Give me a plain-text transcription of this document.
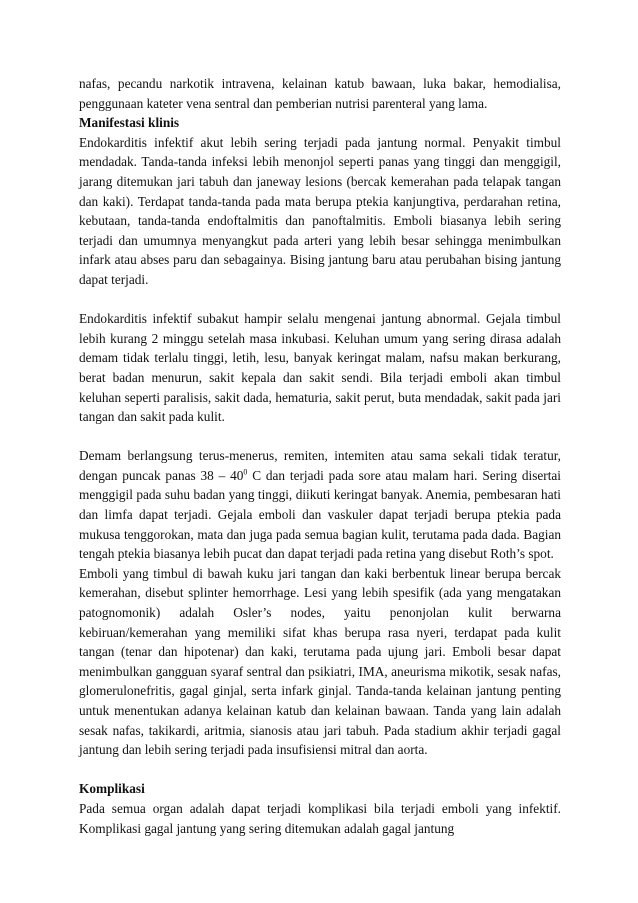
nafas, pecandu narkotik intravena, kelainan katub bawaan, luka bakar, hemodialisa, penggunaan kateter vena sentral dan pemberian nutrisi parenteral yang lama.

Manifestasi klinis

Endokarditis infektif akut lebih sering terjadi pada jantung normal. Penyakit timbul mendadak. Tanda-tanda infeksi lebih menonjol seperti panas yang tinggi dan menggigil, jarang ditemukan jari tabuh dan janeway lesions (bercak kemerahan pada telapak tangan dan kaki). Terdapat tanda-tanda pada mata berupa ptekia kanjungtiva, perdarahan retina, kebutaan, tanda-tanda endoftalmitis dan panoftalmitis. Emboli biasanya lebih sering terjadi dan umumnya menyangkut pada arteri yang lebih besar sehingga menimbulkan infark atau abses paru dan sebagainya. Bising jantung baru atau perubahan bising jantung dapat terjadi.

Endokarditis infektif subakut hampir selalu mengenai jantung abnormal. Gejala timbul lebih kurang 2 minggu setelah masa inkubasi. Keluhan umum yang sering dirasa adalah demam tidak terlalu tinggi, letih, lesu, banyak keringat malam, nafsu makan berkurang, berat badan menurun, sakit kepala dan sakit sendi. Bila terjadi emboli akan timbul keluhan seperti paralisis, sakit dada, hematuria, sakit perut, buta mendadak, sakit pada jari tangan dan sakit pada kulit.

Demam berlangsung terus-menerus, remiten, intemiten atau sama sekali tidak teratur, dengan puncak panas $38 - 40^0$ C dan terjadi pada sore atau malam hari. Sering disertai menggigil pada suhu badan yang tinggi, diikuti keringat banyak. Anemia, pembesaran hati dan limfa dapat terjadi. Gejala emboli dan vaskuler dapat terjadi berupa ptekia pada mukusa tenggorokan, mata dan juga pada semua bagian kulit, terutama pada dada. Bagian tengah ptekia biasanya lebih pucat dan dapat terjadi pada retina yang disebut Roth’s spot.

Emboli yang timbul di bawah kuku jari tangan dan kaki berbentuk linear berupa bercak kemerahan, disebut splinter hemorrhage. Lesi yang lebih spesifik (ada yang mengatakan patognomonik) adalah Osler’s nodes, yaitu penonjolan kulit berwarna kebiruan/kemerahan yang memiliki sifat khas berupa rasa nyeri, terdapat pada kulit tangan (tenar dan hipotenar) dan kaki, terutama pada ujung jari. Emboli besar dapat menimbulkan gangguan syaraf sentral dan psikiatri, IMA, aneurisma mikotik, sesak nafas, glomerulonefritis, gagal ginjal, serta infark ginjal. Tanda-tanda kelainan jantung penting untuk menentukan adanya kelainan katub dan kelainan bawaan. Tanda yang lain adalah sesak nafas, takikardi, aritmia, sianosis atau jari tabuh. Pada stadium akhir terjadi gagal jantung dan lebih sering terjadi pada insufisiensi mitral dan aorta.

Komplikasi

Pada semua organ adalah dapat terjadi komplikasi bila terjadi emboli yang infektif. Komplikasi gagal jantung yang sering ditemukan adalah gagal jantung
